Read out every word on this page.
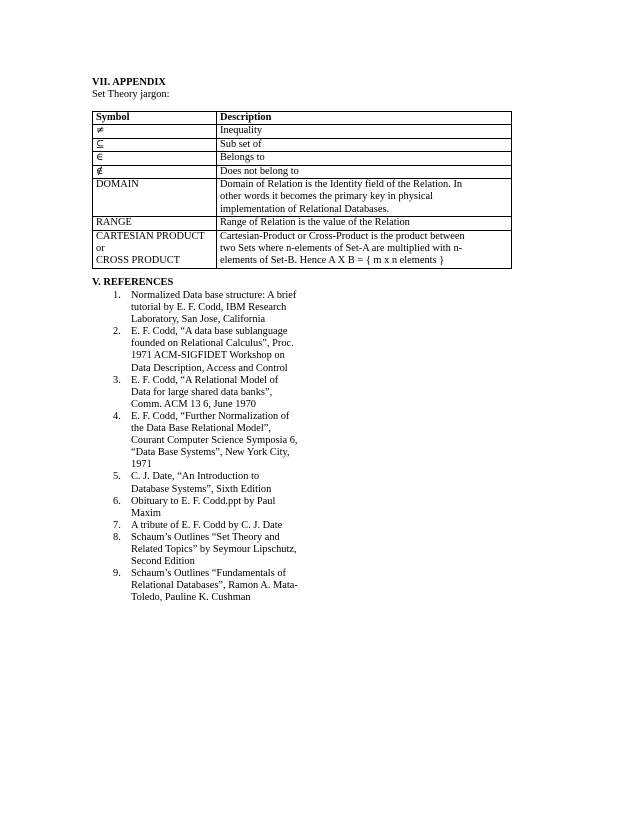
VII. APPENDIX
Set Theory jargon:
Symbol	Description
≠	Inequality
⊆	Sub set of
∈	Belongs to
∉	Does not belong to
DOMAIN	Domain of Relation is the Identity field of the Relation. In
other words it becomes the primary key in physical
implementation of Relational Databases.
RANGE	Range of Relation is the value of the Relation
CARTESIAN PRODUCT
or
CROSS PRODUCT	Cartesian-Product or Cross-Product is the product between
two Sets where n-elements of Set-A are multiplied with n-
elements of Set-B. Hence A X B = { m x n elements }
V. REFERENCES
1. Normalized Data base structure: A brief
tutorial by E. F. Codd, IBM Research
Laboratory, San Jose, California
2. E. F. Codd, “A data base sublanguage
founded on Relational Calculus”, Proc.
1971 ACM-SIGFIDET Workshop on
Data Description, Access and Control
3. E. F. Codd, “A Relational Model of
Data for large shared data banks”,
Comm. ACM 13 6, June 1970
4. E. F. Codd, “Further Normalization of
the Data Base Relational Model”,
Courant Computer Science Symposia 6,
“Data Base Systems”, New York City,
1971
5. C. J. Date, “An Introduction to
Database Systems”, Sixth Edition
6. Obituary to E. F. Codd.ppt by Paul
Maxim
7. A tribute of E. F. Codd by C. J. Date
8. Schaum’s Outlines “Set Theory and
Related Topics” by Seymour Lipschutz,
Second Edition
9. Schaum’s Outlines “Fundamentals of
Relational Databases”, Ramon A. Mata-
Toledo, Pauline K. Cushman
